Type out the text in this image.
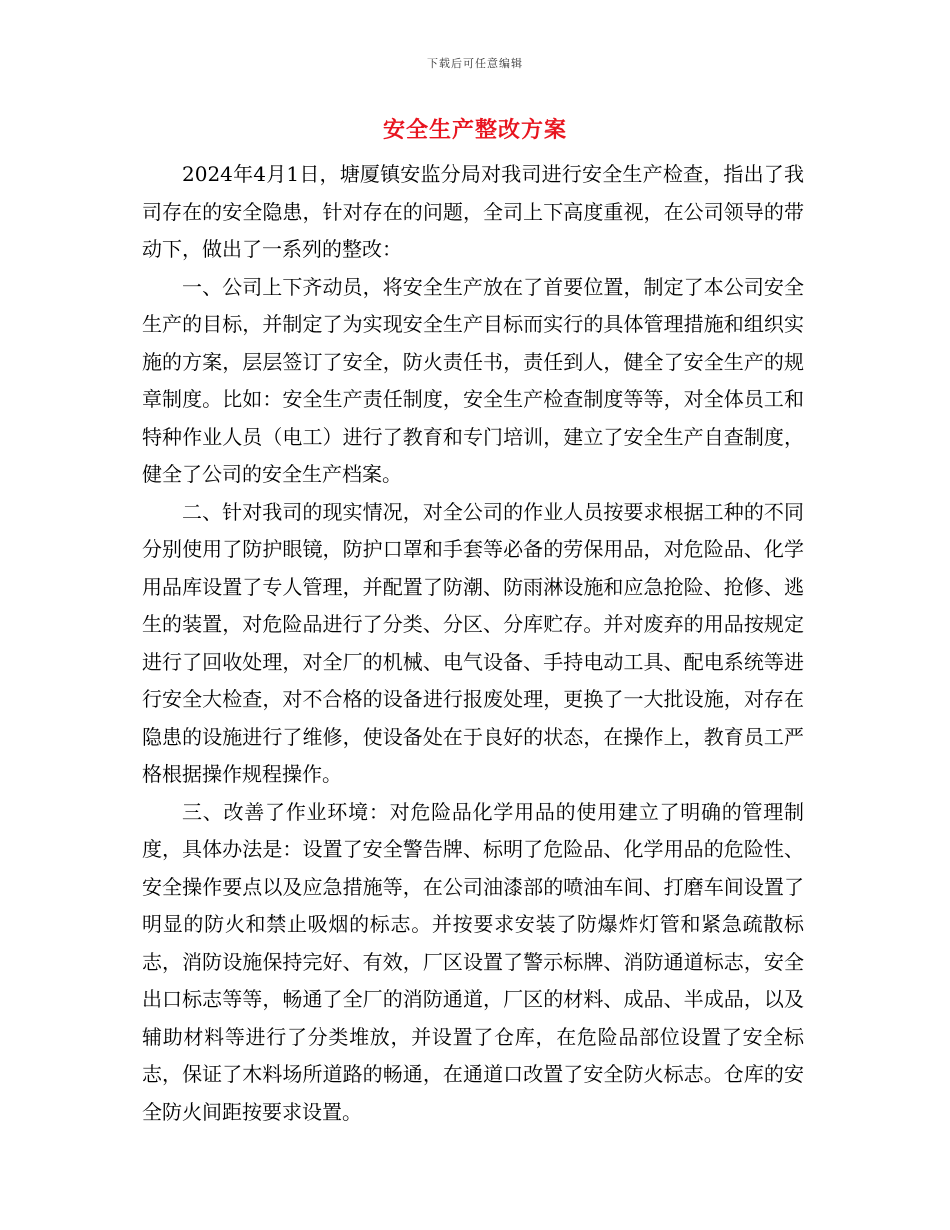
下载后可任意编辑
安全生产整改方案

2024年4月1日，塘厦镇安监分局对我司进行安全生产检查，指出了我司存在的安全隐患，针对存在的问题，全司上下高度重视，在公司领导的带动下，做出了一系列的整改：

一、公司上下齐动员，将安全生产放在了首要位置，制定了本公司安全生产的目标，并制定了为实现安全生产目标而实行的具体管理措施和组织实施的方案，层层签订了安全，防火责任书，责任到人，健全了安全生产的规章制度。比如：安全生产责任制度，安全生产检查制度等等，对全体员工和特种作业人员（电工）进行了教育和专门培训，建立了安全生产自查制度，健全了公司的安全生产档案。

二、针对我司的现实情况，对全公司的作业人员按要求根据工种的不同分别使用了防护眼镜，防护口罩和手套等必备的劳保用品，对危险品、化学用品库设置了专人管理，并配置了防潮、防雨淋设施和应急抢险、抢修、逃生的装置，对危险品进行了分类、分区、分库贮存。并对废弃的用品按规定进行了回收处理，对全厂的机械、电气设备、手持电动工具、配电系统等进行安全大检查，对不合格的设备进行报废处理，更换了一大批设施，对存在隐患的设施进行了维修，使设备处在于良好的状态，在操作上，教育员工严格根据操作规程操作。

三、改善了作业环境：对危险品化学用品的使用建立了明确的管理制度，具体办法是：设置了安全警告牌、标明了危险品、化学用品的危险性、安全操作要点以及应急措施等，在公司油漆部的喷油车间、打磨车间设置了明显的防火和禁止吸烟的标志。并按要求安装了防爆炸灯管和紧急疏散标志，消防设施保持完好、有效，厂区设置了警示标牌、消防通道标志，安全出口标志等等，畅通了全厂的消防通道，厂区的材料、成品、半成品，以及辅助材料等进行了分类堆放，并设置了仓库，在危险品部位设置了安全标志，保证了木料场所道路的畅通，在通道口改置了安全防火标志。仓库的安全防火间距按要求设置。
